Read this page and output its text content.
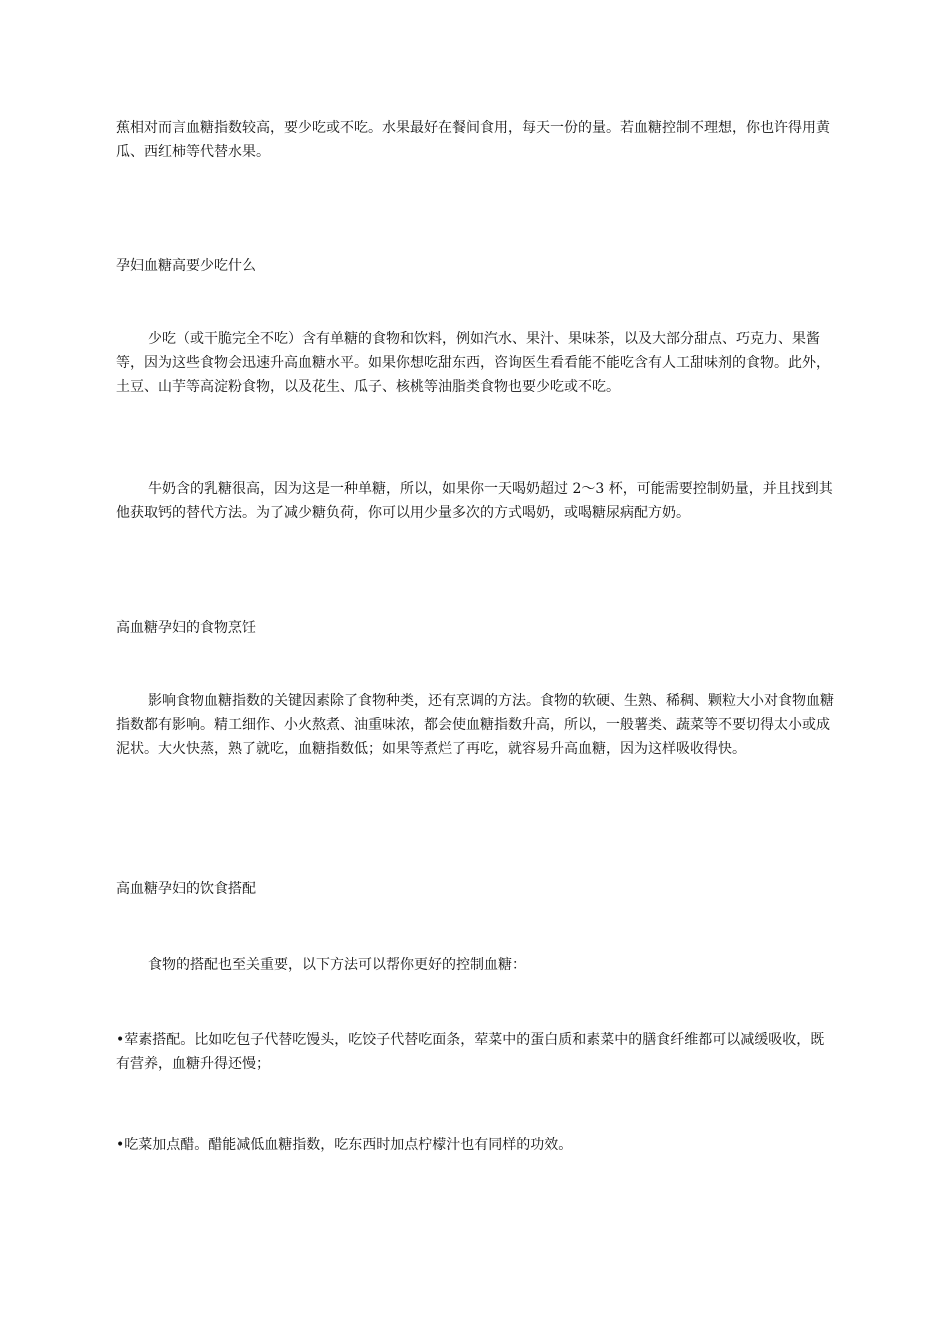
蕉相对而言血糖指数较高，要少吃或不吃。水果最好在餐间食用，每天一份的量。若血糖控制不理想，你也许得用黄瓜、西红柿等代替水果。

孕妇血糖高要少吃什么

少吃（或干脆完全不吃）含有单糖的食物和饮料，例如汽水、果汁、果味茶，以及大部分甜点、巧克力、果酱等，因为这些食物会迅速升高血糖水平。如果你想吃甜东西，咨询医生看看能不能吃含有人工甜味剂的食物。此外，土豆、山芋等高淀粉食物，以及花生、瓜子、核桃等油脂类食物也要少吃或不吃。

牛奶含的乳糖很高，因为这是一种单糖，所以，如果你一天喝奶超过 2～3 杯，可能需要控制奶量，并且找到其他获取钙的替代方法。为了减少糖负荷，你可以用少量多次的方式喝奶，或喝糖尿病配方奶。

高血糖孕妇的食物烹饪

影响食物血糖指数的关键因素除了食物种类，还有烹调的方法。食物的软硬、生熟、稀稠、颗粒大小对食物血糖指数都有影响。精工细作、小火熬煮、油重味浓，都会使血糖指数升高，所以，一般薯类、蔬菜等不要切得太小或成泥状。大火快蒸，熟了就吃，血糖指数低；如果等煮烂了再吃，就容易升高血糖，因为这样吸收得快。

高血糖孕妇的饮食搭配

食物的搭配也至关重要，以下方法可以帮你更好的控制血糖：

•荤素搭配。比如吃包子代替吃馒头，吃饺子代替吃面条，荤菜中的蛋白质和素菜中的膳食纤维都可以减缓吸收，既有营养，血糖升得还慢；

•吃菜加点醋。醋能减低血糖指数，吃东西时加点柠檬汁也有同样的功效。
